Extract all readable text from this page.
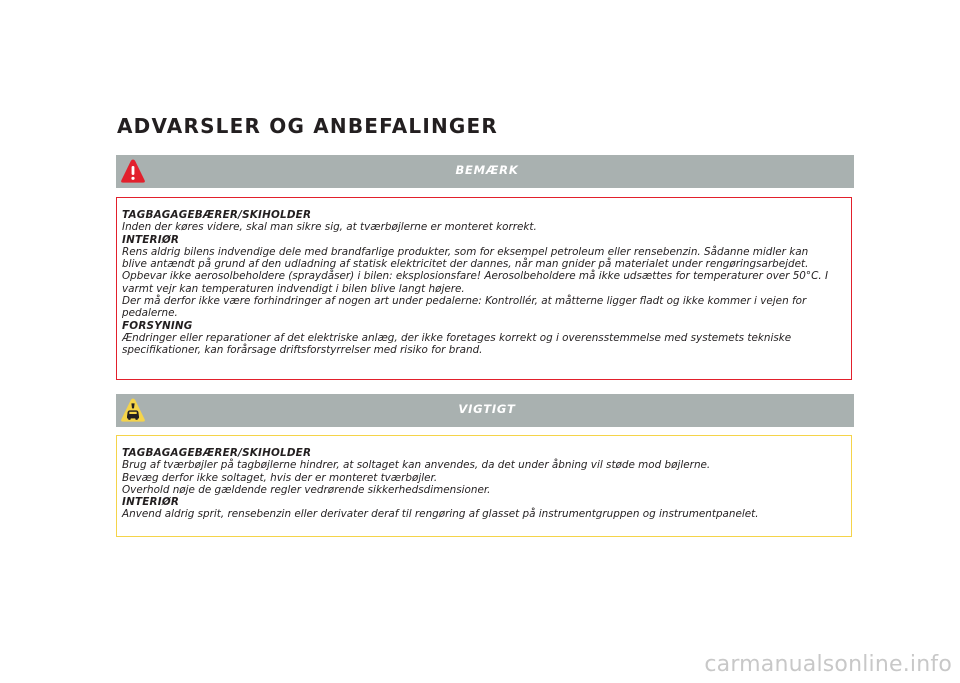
ADVARSLER OG ANBEFALINGER
BEMÆRK

TAGBAGAGEBÆRER/SKIHOLDER

Inden der køres videre, skal man sikre sig, at tværbøjlerne er monteret korrekt.

INTERIØR

Rens aldrig bilens indvendige dele med brandfarlige produkter, som for eksempel petroleum eller rensebenzin. Sådanne midler kan

blive antændt på grund af den udladning af statisk elektricitet der dannes, når man gnider på materialet under rengøringsarbejdet.

Opbevar ikke aerosolbeholdere (spraydåser) i bilen: eksplosionsfare! Aerosolbeholdere må ikke udsættes for temperaturer over 50°C. I

varmt vejr kan temperaturen indvendigt i bilen blive langt højere.

Der må derfor ikke være forhindringer af nogen art under pedalerne: Kontrollér, at måtterne ligger fladt og ikke kommer i vejen for

pedalerne.

FORSYNING

Ændringer eller reparationer af det elektriske anlæg, der ikke foretages korrekt og i overensstemmelse med systemets tekniske

specifikationer, kan forårsage driftsforstyrrelser med risiko for brand.

VIGTIGT

TAGBAGAGEBÆRER/SKIHOLDER

Brug af tværbøjler på tagbøjlerne hindrer, at soltaget kan anvendes, da det under åbning vil støde mod bøjlerne.

Bevæg derfor ikke soltaget, hvis der er monteret tværbøjler.

Overhold nøje de gældende regler vedrørende sikkerhedsdimensioner.

INTERIØR

Anvend aldrig sprit, rensebenzin eller derivater deraf til rengøring af glasset på instrumentgruppen og instrumentpanelet.

carmanualsonline.info
